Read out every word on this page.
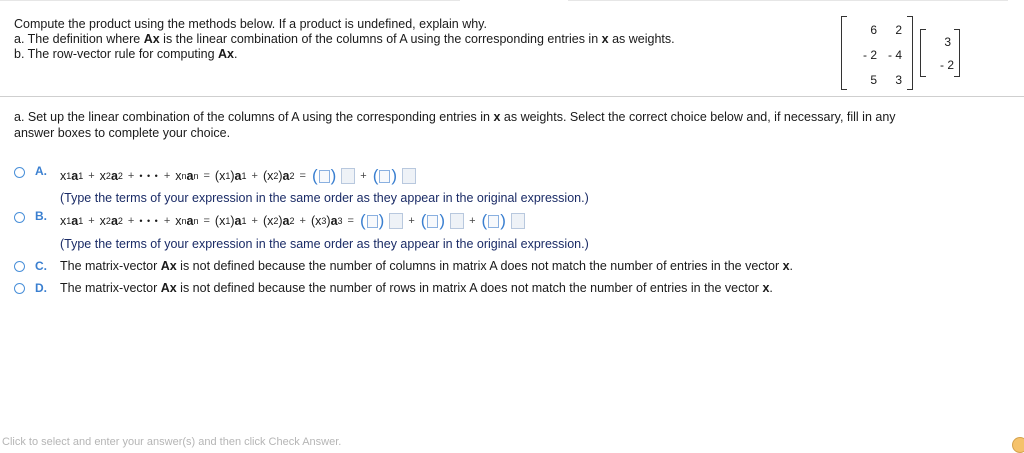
Compute the product using the methods below. If a product is undefined, explain why.
a. The definition where Ax is the linear combination of the columns of A using the corresponding entries in x as weights.
b. The row-vector rule for computing Ax.
6	2
- 2 - 4
5	3
3
- 2
a. Set up the linear combination of the columns of A using the corresponding entries in x as weights. Select the correct choice below and, if necessary, fill in any
answer boxes to complete your choice.
A. x 1 a 1 + x 2 a 2 + • • • + x n a n = ( x 1 ) a 1 + ( x 2 ) a 2 = ( ) + ( )
(Type the terms of your expression in the same order as they appear in the original expression.)
B. x 1 a 1 + x 2 a 2 + • • • + x n a n = ( x 1 ) a 1 + ( x 2 ) a 2 + ( x 3 ) a 3 = ( ) + ( ) + ( )
(Type the terms of your expression in the same order as they appear in the original expression.)
C. The matrix-vector Ax is not defined because the number of columns in matrix A does not match the number of entries in the vector x.
D. The matrix-vector Ax is not defined because the number of rows in matrix A does not match the number of entries in the vector x.
Click to select and enter your answer(s) and then click Check Answer.
